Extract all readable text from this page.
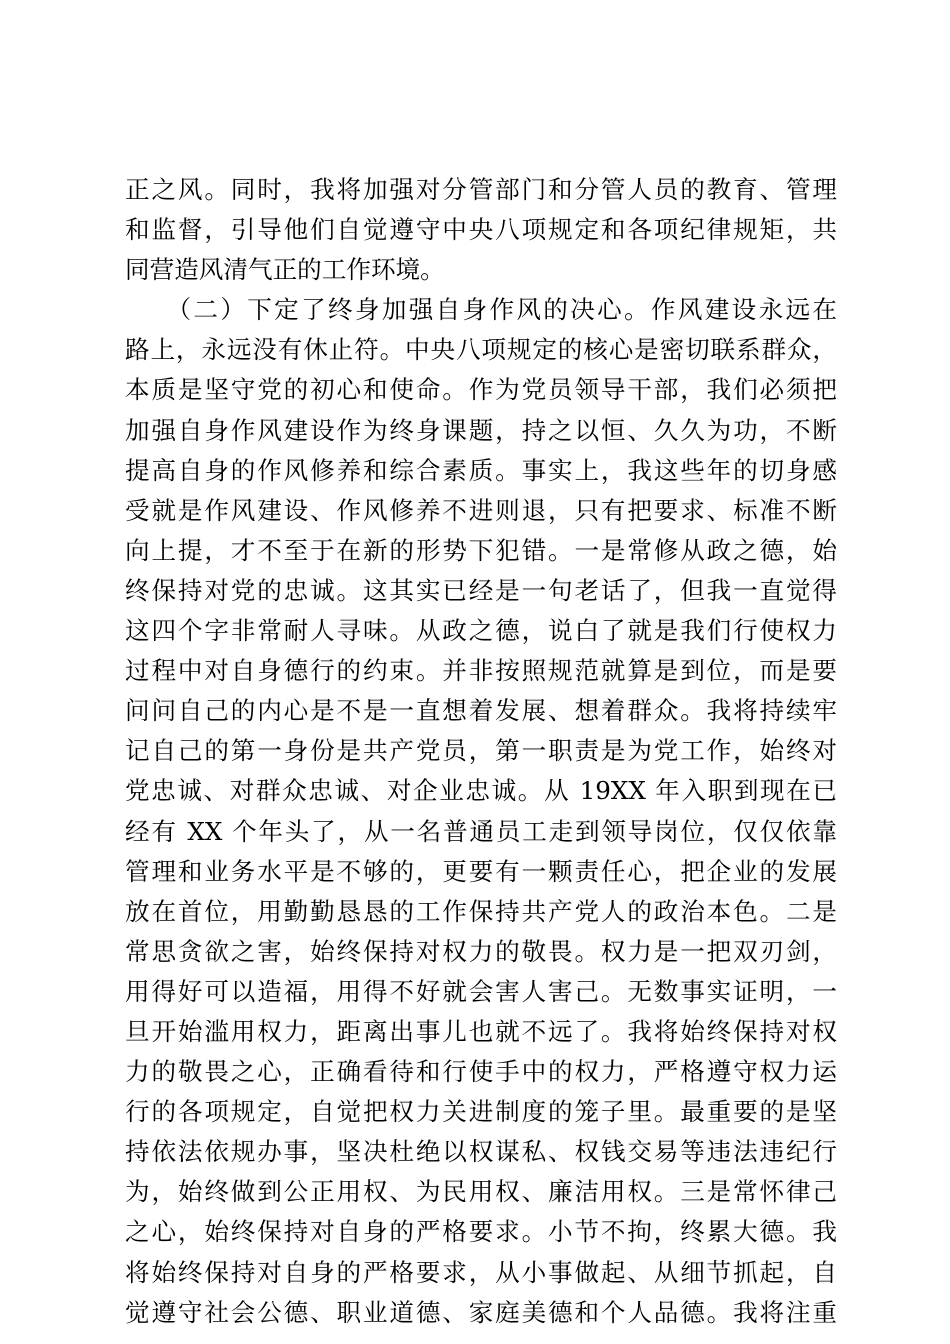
正之风。同时，我将加强对分管部门和分管人员的教育、管理
和监督，引导他们自觉遵守中央八项规定和各项纪律规矩，共
同营造风清气正的工作环境。
　　（二）下定了终身加强自身作风的决心。作风建设永远在
路上，永远没有休止符。中央八项规定的核心是密切联系群众，
本质是坚守党的初心和使命。作为党员领导干部，我们必须把
加强自身作风建设作为终身课题，持之以恒、久久为功，不断
提高自身的作风修养和综合素质。事实上，我这些年的切身感
受就是作风建设、作风修养不进则退，只有把要求、标准不断
向上提，才不至于在新的形势下犯错。一是常修从政之德，始
终保持对党的忠诚。这其实已经是一句老话了，但我一直觉得
这四个字非常耐人寻味。从政之德，说白了就是我们行使权力
过程中对自身德行的约束。并非按照规范就算是到位，而是要
问问自己的内心是不是一直想着发展、想着群众。我将持续牢
记自己的第一身份是共产党员，第一职责是为党工作，始终对
党忠诚、对群众忠诚、对企业忠诚。从 19XX 年入职到现在已
经有 XX 个年头了，从一名普通员工走到领导岗位，仅仅依靠
管理和业务水平是不够的，更要有一颗责任心，把企业的发展
放在首位，用勤勤恳恳的工作保持共产党人的政治本色。二是
常思贪欲之害，始终保持对权力的敬畏。权力是一把双刃剑，
用得好可以造福，用得不好就会害人害己。无数事实证明，一
旦开始滥用权力，距离出事儿也就不远了。我将始终保持对权
力的敬畏之心，正确看待和行使手中的权力，严格遵守权力运
行的各项规定，自觉把权力关进制度的笼子里。最重要的是坚
持依法依规办事，坚决杜绝以权谋私、权钱交易等违法违纪行
为，始终做到公正用权、为民用权、廉洁用权。三是常怀律己
之心，始终保持对自身的严格要求。小节不拘，终累大德。我
将始终保持对自身的严格要求，从小事做起、从细节抓起，自
觉遵守社会公德、职业道德、家庭美德和个人品德。我将注重
